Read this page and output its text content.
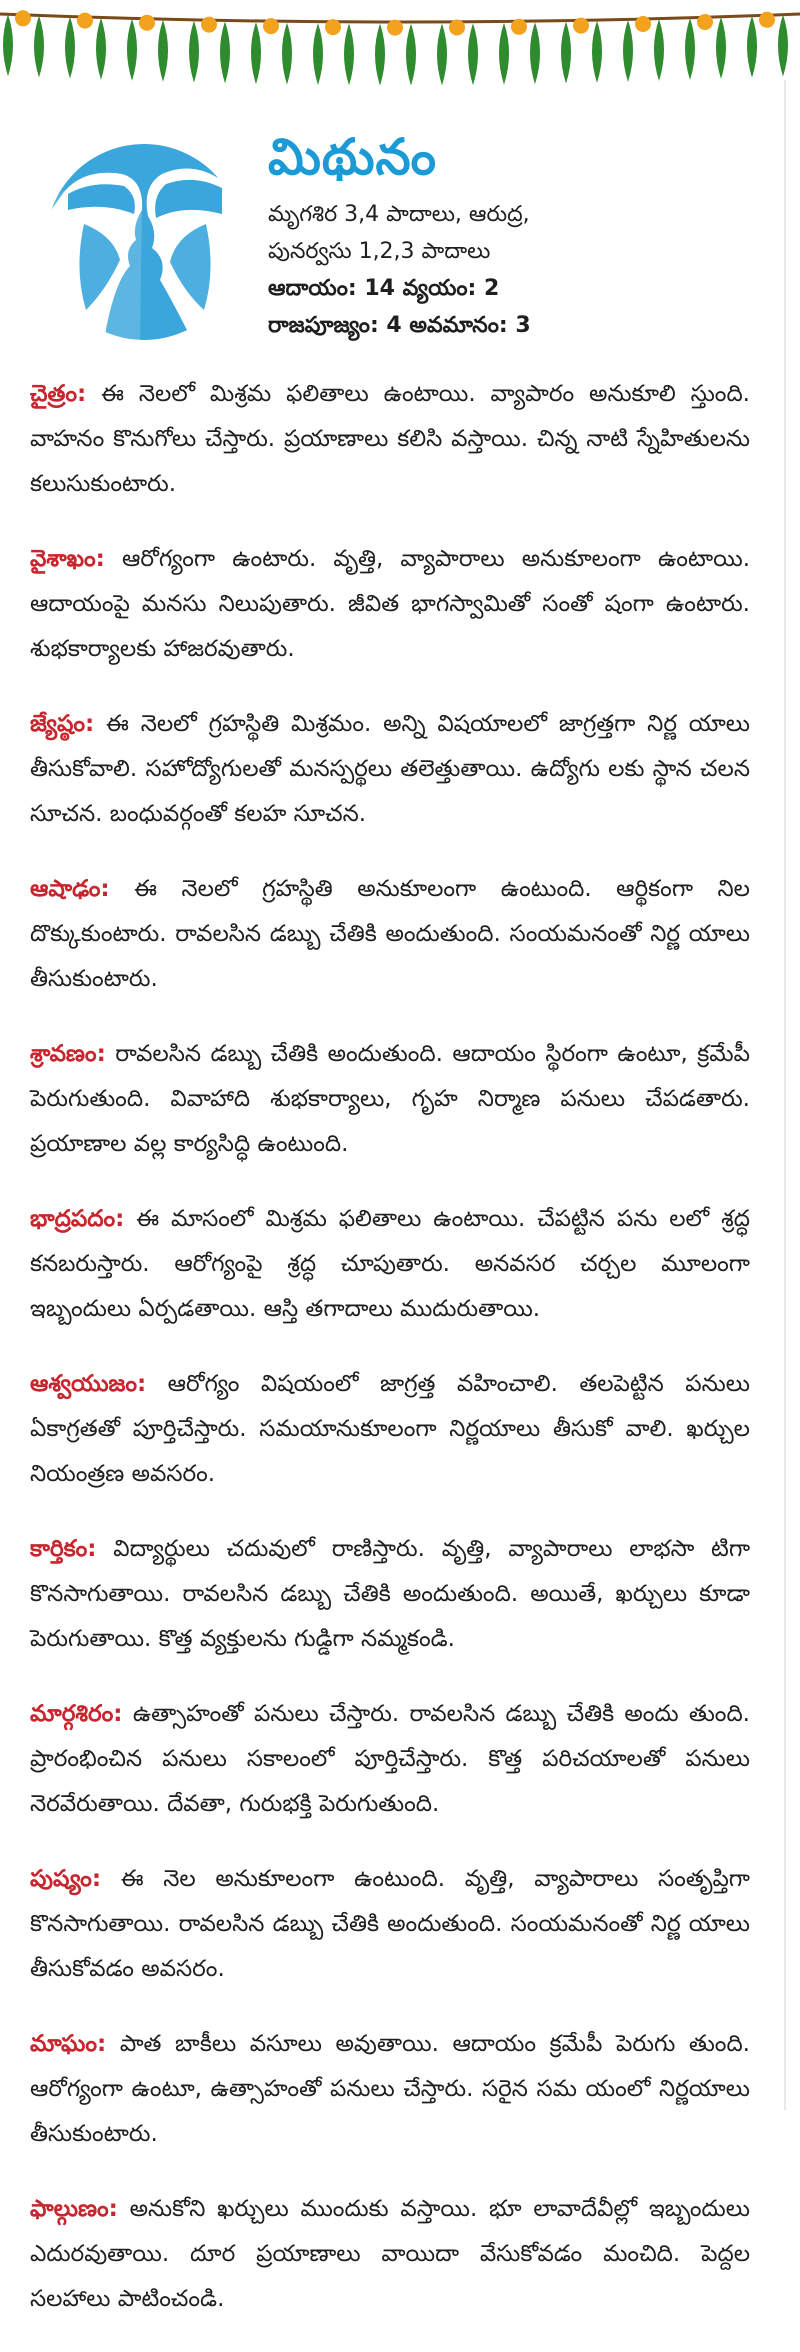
మిథునం
మృగశిర 3,4 పాదాలు, ఆరుద్ర,
పునర్వసు 1,2,3 పాదాలు
ఆదాయం: 14 వ్యయం: 2
రాజపూజ్యం: 4 అవమానం: 3

చైత్రం: ఈ నెలలో మిశ్రమ ఫలితాలు ఉంటాయి. వ్యాపారం అనుకూలి స్తుంది. వాహనం కొనుగోలు చేస్తారు. ప్రయాణాలు కలిసి వస్తాయి. చిన్న నాటి స్నేహితులను కలుసుకుంటారు.

వైశాఖం: ఆరోగ్యంగా ఉంటారు. వృత్తి, వ్యాపారాలు అనుకూలంగా ఉంటాయి. ఆదాయంపై మనసు నిలుపుతారు. జీవిత భాగస్వామితో సంతో షంగా ఉంటారు. శుభకార్యాలకు హాజరవుతారు.

జ్యేష్ఠం: ఈ నెలలో గ్రహస్థితి మిశ్రమం. అన్ని విషయాలలో జాగ్రత్తగా నిర్ణ యాలు తీసుకోవాలి. సహోద్యోగులతో మనస్పర్థలు తలెత్తుతాయి. ఉద్యోగు లకు స్థాన చలన సూచన. బంధువర్గంతో కలహ సూచన.

ఆషాఢం: ఈ నెలలో గ్రహస్థితి అనుకూలంగా ఉంటుంది. ఆర్థికంగా నిల దొక్కుకుంటారు. రావలసిన డబ్బు చేతికి అందుతుంది. సంయమనంతో నిర్ణ యాలు తీసుకుంటారు.

శ్రావణం: రావలసిన డబ్బు చేతికి అందుతుంది. ఆదాయం స్థిరంగా ఉంటూ, క్రమేపీ పెరుగుతుంది. వివాహాది శుభకార్యాలు, గృహ నిర్మాణ పనులు చేపడతారు. ప్రయాణాల వల్ల కార్యసిద్ధి ఉంటుంది.

భాద్రపదం: ఈ మాసంలో మిశ్రమ ఫలితాలు ఉంటాయి. చేపట్టిన పను లలో శ్రద్ధ కనబరుస్తారు. ఆరోగ్యంపై శ్రద్ధ చూపుతారు. అనవసర చర్చల మూలంగా ఇబ్బందులు ఏర్పడతాయి. ఆస్తి తగాదాలు ముదురుతాయి.

ఆశ్వయుజం: ఆరోగ్యం విషయంలో జాగ్రత్త వహించాలి. తలపెట్టిన పనులు ఏకాగ్రతతో పూర్తిచేస్తారు. సమయానుకూలంగా నిర్ణయాలు తీసుకో వాలి. ఖర్చుల నియంత్రణ అవసరం.

కార్తికం: విద్యార్థులు చదువులో రాణిస్తారు. వృత్తి, వ్యాపారాలు లాభసా టిగా కొనసాగుతాయి. రావలసిన డబ్బు చేతికి అందుతుంది. అయితే, ఖర్చులు కూడా పెరుగుతాయి. కొత్త వ్యక్తులను గుడ్డిగా నమ్మకండి.

మార్గశిరం: ఉత్సాహంతో పనులు చేస్తారు. రావలసిన డబ్బు చేతికి అందు తుంది. ప్రారంభించిన పనులు సకాలంలో పూర్తిచేస్తారు. కొత్త పరిచయాలతో పనులు నెరవేరుతాయి. దేవతా, గురుభక్తి పెరుగుతుంది.

పుష్యం: ఈ నెల అనుకూలంగా ఉంటుంది. వృత్తి, వ్యాపారాలు సంతృప్తిగా కొనసాగుతాయి. రావలసిన డబ్బు చేతికి అందుతుంది. సంయమనంతో నిర్ణ యాలు తీసుకోవడం అవసరం.

మాఘం: పాత బాకీలు వసూలు అవుతాయి. ఆదాయం క్రమేపీ పెరుగు తుంది. ఆరోగ్యంగా ఉంటూ, ఉత్సాహంతో పనులు చేస్తారు. సరైన సమ యంలో నిర్ణయాలు తీసుకుంటారు.

ఫాల్గుణం: అనుకోని ఖర్చులు ముందుకు వస్తాయి. భూ లావాదేవీల్లో ఇబ్బందులు ఎదురవుతాయి. దూర ప్రయాణాలు వాయిదా వేసుకోవడం మంచిది. పెద్దల సలహాలు పాటించండి.
